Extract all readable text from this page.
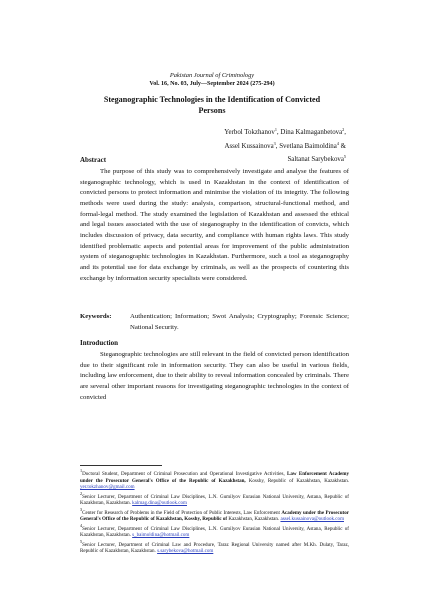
Pakistan Journal of Criminology
Vol. 16, No. 03, July—September 2024 (275-294)
Steganographic Technologies in the Identification of Convicted Persons
Yerbol Tokzhanov$^1$, Dina Kalmaganbetova$^2$,
Assel Kussainova$^3$, Svetlana Baimoldina$^4$ &
Saltanat Sarybekova$^5$
Abstract
The purpose of this study was to comprehensively investigate and analyse the features of steganographic technology, which is used in Kazakhstan in the context of identification of convicted persons to protect information and minimise the violation of its integrity. The following methods were used during the study: analysis, comparison, structural-functional method, and formal-legal method. The study examined the legislation of Kazakhstan and assessed the ethical and legal issues associated with the use of steganography in the identification of convicts, which includes discussion of privacy, data security, and compliance with human rights laws. This study identified problematic aspects and potential areas for improvement of the public administration system of steganographic technologies in Kazakhstan. Furthermore, such a tool as steganography and its potential use for data exchange by criminals, as well as the prospects of countering this exchange by information security specialists were considered.
Keywords:	Authentication; Information; Swot Analysis; Cryptography; Forensic Science; National Security.
Introduction
Steganographic technologies are still relevant in the field of convicted person identification due to their significant role in information security. They can also be useful in various fields, including law enforcement, due to their ability to reveal information concealed by criminals. There are several other important reasons for investigating steganographic technologies in the context of convicted

$^1$Doctoral Student, Department of Criminal Prosecution and Operational Investigative Activities, Law Enforcement Academy under the Prosecutor General's Office of the Republic of Kazakhstan, Kosshy, Republic of Kazakhstan, Kazakhstan. yer.tokzhanov@gmail.com

$^2$Senior Lecturer, Department of Criminal Law Disciplines, L.N. Gumilyov Eurasian National University, Astana, Republic of Kazakhstan, Kazakhstan. kalmag.dina@outlook.com

$^3$Center for Research of Problems in the Field of Protection of Public Interests, Law Enforcement Academy under the Prosecutor General's Office of the Republic of Kazakhstan, Kosshy, Republic of Kazakhstan, Kazakhstan. assel.kussainova@outlook.com

$^4$Senior Lecturer, Department of Criminal Law Disciplines, L.N. Gumilyov Eurasian National University, Astana, Republic of Kazakhstan, Kazakhstan. s_baimoldina@hotmail.com

$^5$Senior Lecturer, Department of Criminal Law and Procedure, Taraz Regional University named after M.Kh. Dulaty, Taraz, Republic of Kazakhstan, Kazakhstan. s.sarybekova@hotmail.com
